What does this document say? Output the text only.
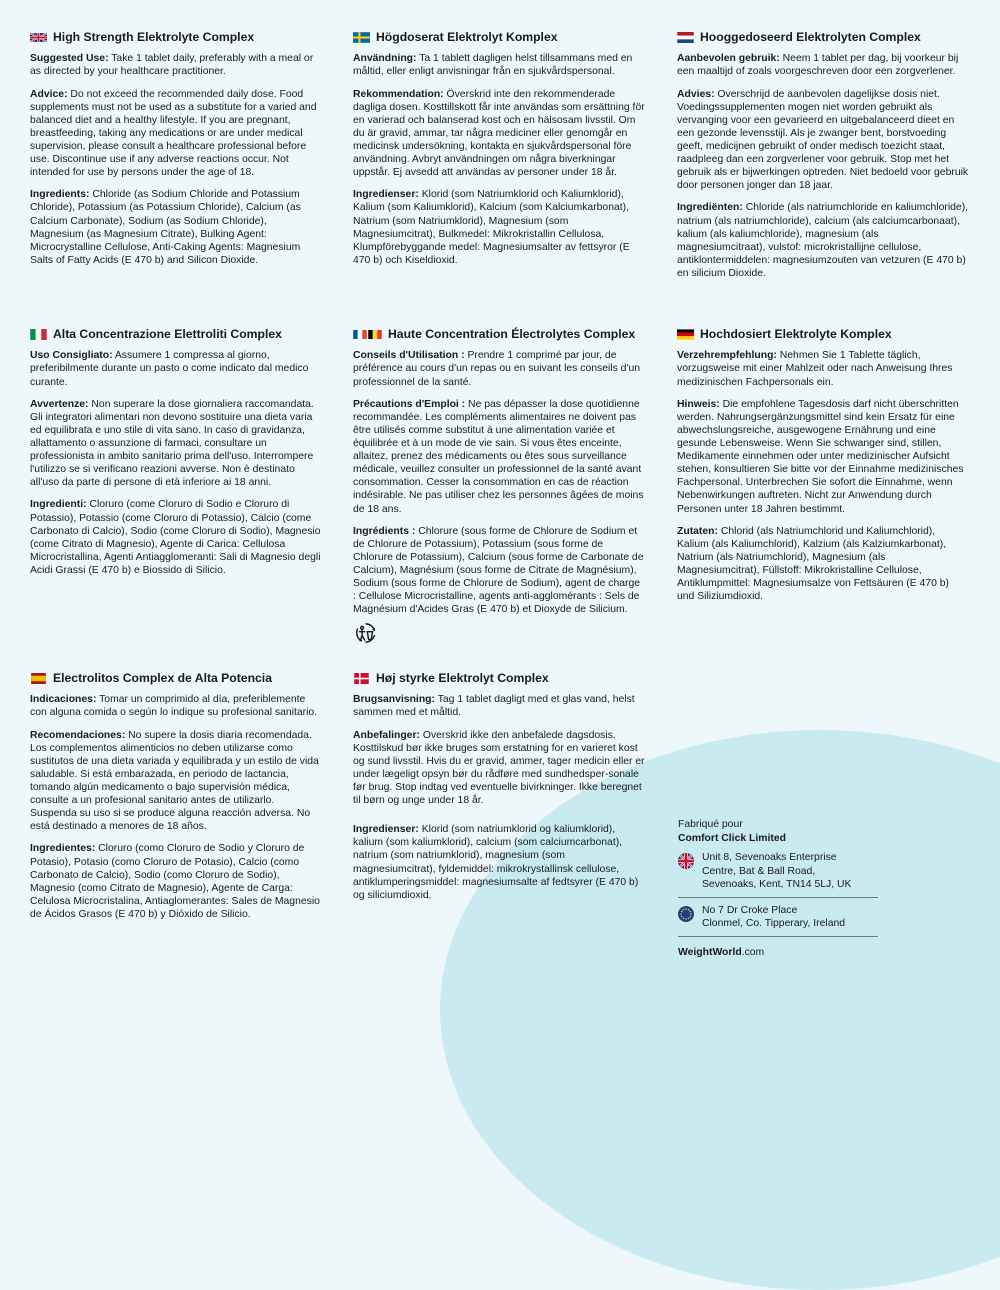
High Strength Elektrolyte Complex

Suggested Use: Take 1 tablet daily, preferably with a meal or as directed by your healthcare practitioner.

Advice: Do not exceed the recommended daily dose. Food supplements must not be used as a substitute for a varied and balanced diet and a healthy lifestyle. If you are pregnant, breastfeeding, taking any medications or are under medical supervision, please consult a healthcare professional before use. Discontinue use if any adverse reactions occur. Not intended for use by persons under the age of 18.

Ingredients: Chloride (as Sodium Chloride and Potassium Chloride), Potassium (as Potassium Chloride), Calcium (as Calcium Carbonate), Sodium (as Sodium Chloride), Magnesium (as Magnesium Citrate), Bulking Agent: Microcrystalline Cellulose, Anti-Caking Agents: Magnesium Salts of Fatty Acids (E 470 b) and Silicon Dioxide.

Högdoserat Elektrolyt Komplex

Användning: Ta 1 tablett dagligen helst tillsammans med en måltid, eller enligt anvisningar från en sjukvårdspersonal.

Rekommendation: Överskrid inte den rekommenderade dagliga dosen. Kosttillskott får inte användas som ersättning för en varierad och balanserad kost och en hälsosam livsstil. Om du är gravid, ammar, tar några mediciner eller genomgår en medicinsk undersökning, kontakta en sjukvårdspersonal före användning. Avbryt användningen om några biverkningar uppstår. Ej avsedd att användas av personer under 18 år.

Ingredienser: Klorid (som Natriumklorid och Kaliumklorid), Kalium (som Kaliumklorid), Kalcium (som Kalciumkarbonat), Natrium (som Natriumklorid), Magnesium (som Magnesiumcitrat), Bulkmedel: Mikrokristallin Cellulosa, Klumpförebyggande medel: Magnesiumsalter av fettsyror (E 470 b) och Kiseldioxid.

Hooggedoseerd Elektrolyten Complex

Aanbevolen gebruik: Neem 1 tablet per dag, bij voorkeur bij een maaltijd of zoals voorgeschreven door een zorgverlener.

Advies: Overschrijd de aanbevolen dagelijkse dosis niet. Voedingssupplementen mogen niet worden gebruikt als vervanging voor een gevarieerd en uitgebalanceerd dieet en een gezonde levensstijl. Als je zwanger bent, borstvoeding geeft, medicijnen gebruikt of onder medisch toezicht staat, raadpleeg dan een zorgverlener voor gebruik. Stop met het gebruik als er bijwerkingen optreden. Niet bedoeld voor gebruik door personen jonger dan 18 jaar.

Ingrediënten: Chloride (als natriumchloride en kaliumchloride), natrium (als natriumchloride), calcium (als calciumcarbonaat), kalium (als kaliumchloride), magnesium (als magnesiumcitraat), vulstof: microkristallijne cellulose, antiklontermiddelen: magnesiumzouten van vetzuren (E 470 b) en silicium Dioxide.

Alta Concentrazione Elettroliti Complex

Uso Consigliato: Assumere 1 compressa al giorno, preferibilmente durante un pasto o come indicato dal medico curante.

Avvertenze: Non superare la dose giornaliera raccomandata. Gli integratori alimentari non devono sostituire una dieta varia ed equilibrata e uno stile di vita sano. In caso di gravidanza, allattamento o assunzione di farmaci, consultare un professionista in ambito sanitario prima dell'uso. Interrompere l'utilizzo se si verificano reazioni avverse. Non è destinato all'uso da parte di persone di età inferiore ai 18 anni.

Ingredienti: Cloruro (come Cloruro di Sodio e Cloruro di Potassio), Potassio (come Cloruro di Potassio), Calcio (come Carbonato di Calcio), Sodio (come Cloruro di Sodio), Magnesio (come Citrato di Magnesio), Agente di Carica: Cellulosa Microcristallina, Agenti Antiagglomeranti: Sali di Magnesio degli Acidi Grassi (E 470 b) e Biossido di Silicio.

Haute Concentration Électrolytes Complex

Conseils d'Utilisation : Prendre 1 comprimé par jour, de préférence au cours d'un repas ou en suivant les conseils d'un professionnel de la santé.

Précautions d'Emploi : Ne pas dépasser la dose quotidienne recommandée. Les compléments alimentaires ne doivent pas être utilisés comme substitut à une alimentation variée et équilibrée et à un mode de vie sain. Si vous êtes enceinte, allaitez, prenez des médicaments ou êtes sous surveillance médicale, veuillez consulter un professionnel de la santé avant consommation. Cesser la consommation en cas de réaction indésirable. Ne pas utiliser chez les personnes âgées de moins de 18 ans.

Ingrédients : Chlorure (sous forme de Chlorure de Sodium et de Chlorure de Potassium), Potassium (sous forme de Chlorure de Potassium), Calcium (sous forme de Carbonate de Calcium), Magnésium (sous forme de Citrate de Magnésium), Sodium (sous forme de Chlorure de Sodium), agent de charge : Cellulose Microcristalline, agents anti-agglomérants : Sels de Magnésium d'Acides Gras (E 470 b) et Dioxyde de Silicium.

Hochdosiert Elektrolyte Komplex

Verzehrempfehlung: Nehmen Sie 1 Tablette täglich, vorzugsweise mit einer Mahlzeit oder nach Anweisung Ihres medizinischen Fachpersonals ein.

Hinweis: Die empfohlene Tagesdosis darf nicht überschritten werden. Nahrungsergänzungsmittel sind kein Ersatz für eine abwechslungsreiche, ausgewogene Ernährung und eine gesunde Lebensweise. Wenn Sie schwanger sind, stillen, Medikamente einnehmen oder unter medizinischer Aufsicht stehen, konsultieren Sie bitte vor der Einnahme medizinisches Fachpersonal. Unterbrechen Sie sofort die Einnahme, wenn Nebenwirkungen auftreten. Nicht zur Anwendung durch Personen unter 18 Jahren bestimmt.

Zutaten: Chlorid (als Natriumchlorid und Kaliumchlorid), Kalium (als Kaliumchlorid), Kalzium (als Kalziumkarbonat), Natrium (als Natriumchlorid), Magnesium (als Magnesiumcitrat), Füllstoff: Mikrokristalline Cellulose, Antiklumpmittel: Magnesiumsalze von Fettsäuren (E 470 b) und Siliziumdioxid.

Electrolitos Complex de Alta Potencia

Indicaciones: Tomar un comprimido al día, preferiblemente con alguna comida o según lo indique su profesional sanitario.

Recomendaciones: No supere la dosis diaria recomendada. Los complementos alimenticios no deben utilizarse como sustitutos de una dieta variada y equilibrada y un estilo de vida saludable. Si está embarazada, en periodo de lactancia, tomando algún medicamento o bajo supervisión médica, consulte a un profesional sanitario antes de utilizarlo. Suspenda su uso si se produce alguna reacción adversa. No está destinado a menores de 18 años.

Ingredientes: Cloruro (como Cloruro de Sodio y Cloruro de Potasio), Potasio (como Cloruro de Potasio), Calcio (como Carbonato de Calcio), Sodio (como Cloruro de Sodio), Magnesio (como Citrato de Magnesio), Agente de Carga: Celulosa Microcristalina, Antiaglomerantes: Sales de Magnesio de Ácidos Grasos (E 470 b) y Dióxido de Silicio.

Høj styrke Elektrolyt Complex

Brugsanvisning: Tag 1 tablet dagligt med et glas vand, helst sammen med et måltid.

Anbefalinger: Overskrid ikke den anbefalede dagsdosis. Kosttilskud bør ikke bruges som erstatning for en varieret kost og sund livsstil. Hvis du er gravid, ammer, tager medicin eller er under lægeligt opsyn bør du rådføre med sundhedsper-sonale før brug. Stop indtag ved eventuelle bivirkninger. Ikke beregnet til børn og unge under 18 år.

Ingredienser: Klorid (som natriumklorid og kaliumklorid), kalium (som kaliumklorid), calcium (som calciumcarbonat), natrium (som natriumklorid), magnesium (som magnesiumcitrat), fyldemiddel: mikrokrystallinsk cellulose, antiklumperingsmiddel: magnesiumsalte af fedtsyrer (E 470 b) og siliciumdioxid.

Fabriqué pour
Comfort Click Limited
Unit 8, Sevenoaks Enterprise
Centre, Bat & Ball Road,
Sevenoaks, Kent, TN14 5LJ, UK
No 7 Dr Croke Place
Clonmel, Co. Tipperary, Ireland
WeightWorld.com
